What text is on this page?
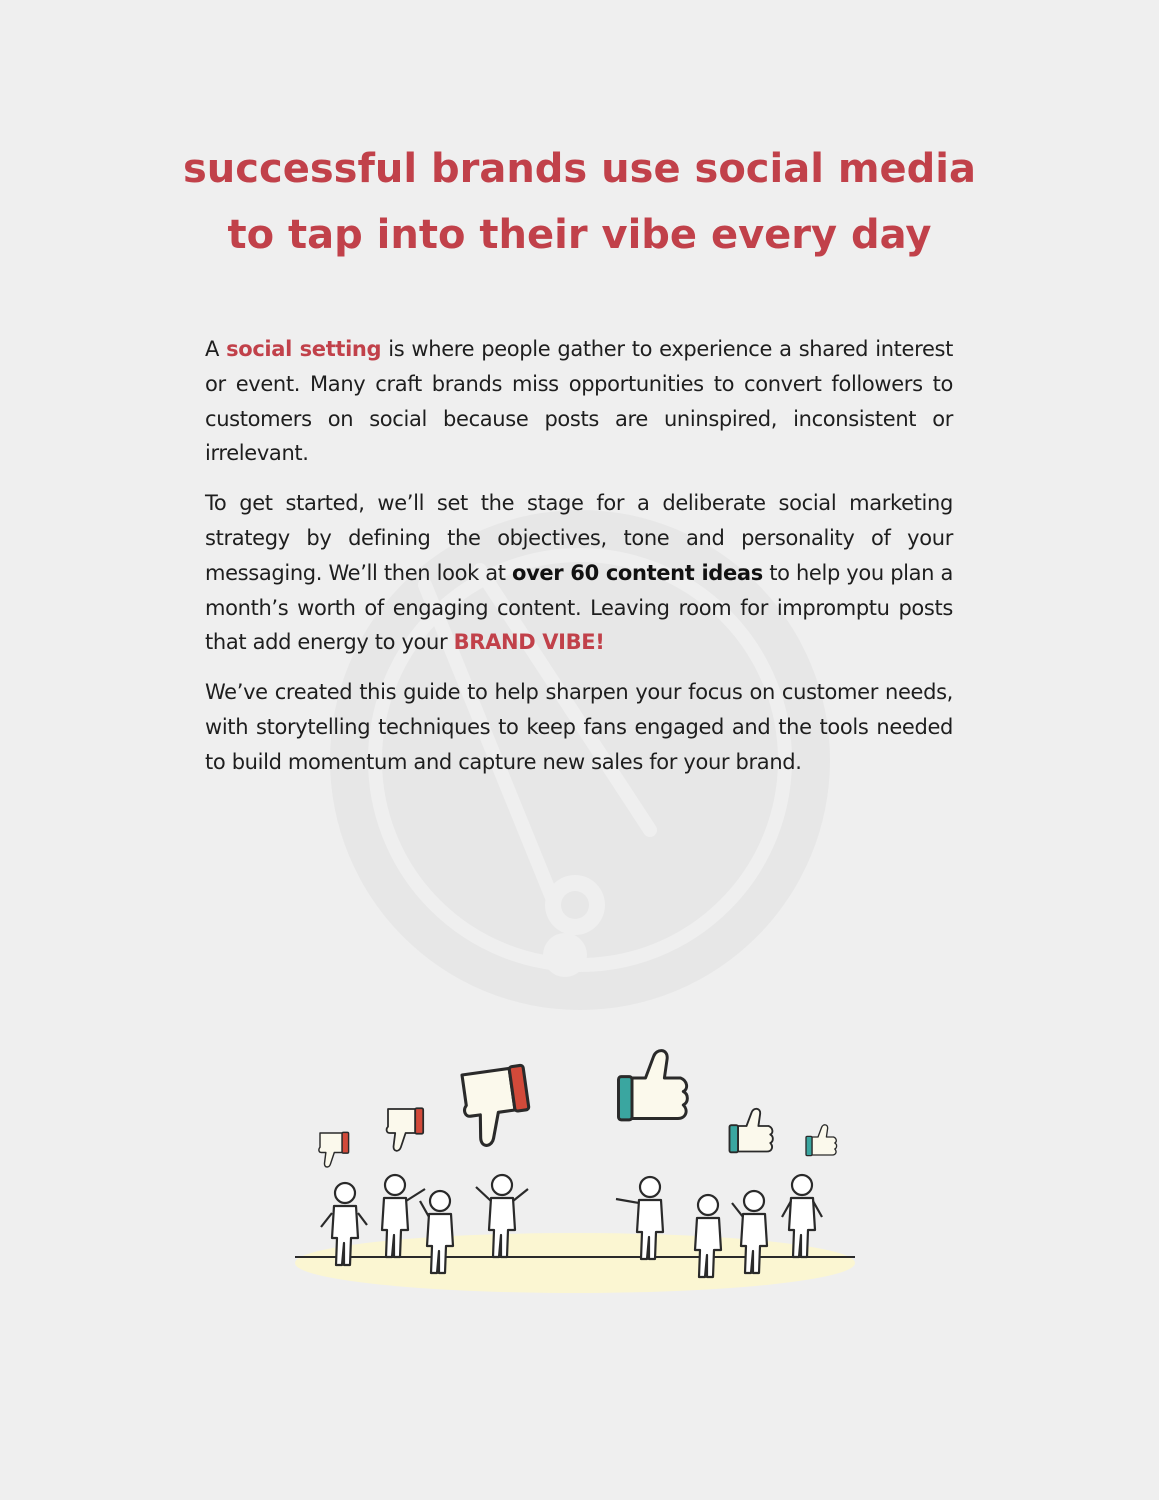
successful brands use social media
to tap into their vibe every day

A social setting is where people gather to experience a shared interest or event. Many craft brands miss opportunities to convert followers to customers on social because posts are uninspired, inconsistent or irrelevant.

To get started, we’ll set the stage for a deliberate social marketing strategy by defining the objectives, tone and personality of your messaging. We’ll then look at over 60 content ideas to help you plan a month’s worth of engaging content. Leaving room for impromptu posts that add energy to your BRAND VIBE!

We’ve created this guide to help sharpen your focus on customer needs, with storytelling techniques to keep fans engaged and the tools needed to build momentum and capture new sales for your brand.
